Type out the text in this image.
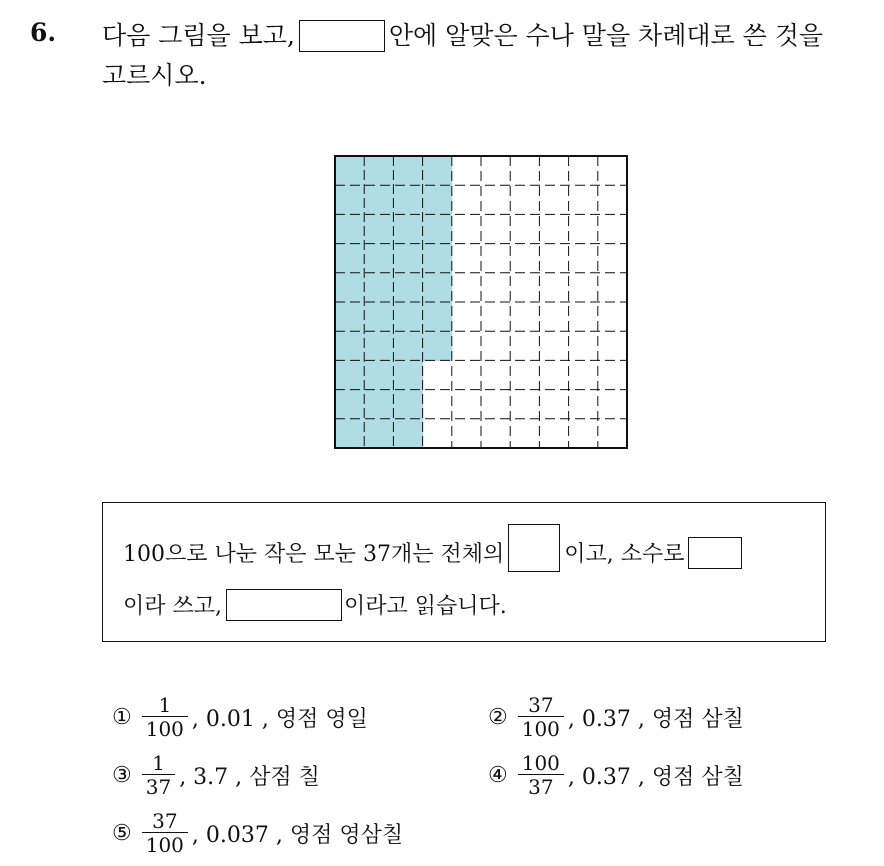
6. 다음 그림을 보고,	안에 알맞은 수나 말을 차례대로 쓴 것을
고르시오.
100으로 나눈 작은 모눈 37개는 전체의	이고, 소수로
이라 쓰고,	이라고 읽습니다.
① $\frac{1}{100}$ , 0.01 , 영점 영일	② $\frac{37}{100}$ , 0.37 , 영점 삼칠
③ $\frac{1}{37}$ , 3.7 , 삼점 칠	④ $\frac{100}{37}$ , 0.37 , 영점 삼칠
⑤ $\frac{37}{100}$ , 0.037 , 영점 영삼칠
